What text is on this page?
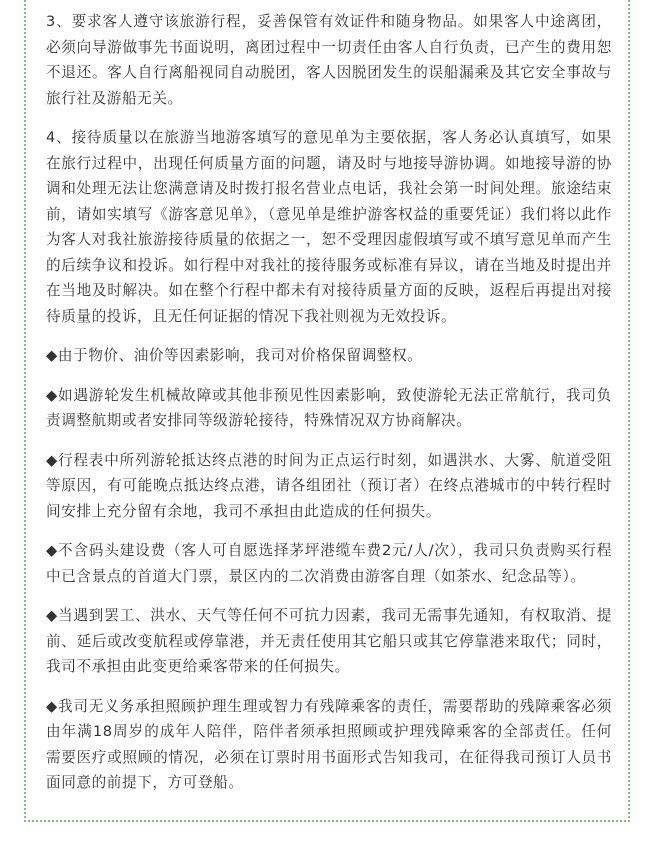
3、要求客人遵守该旅游行程，妥善保管有效证件和随身物品。如果客人中途离团，必须向导游做事先书面说明，离团过程中一切责任由客人自行负责，已产生的费用恕不退还。客人自行离船视同自动脱团，客人因脱团发生的误船漏乘及其它安全事故与旅行社及游船无关。

4、接待质量以在旅游当地游客填写的意见单为主要依据，客人务必认真填写，如果在旅行过程中，出现任何质量方面的问题，请及时与地接导游协调。如地接导游的协调和处理无法让您满意请及时拨打报名营业点电话，我社会第一时间处理。旅途结束前，请如实填写《游客意见单》，（意见单是维护游客权益的重要凭证）我们将以此作为客人对我社旅游接待质量的依据之一，恕不受理因虚假填写或不填写意见单而产生的后续争议和投诉。如行程中对我社的接待服务或标准有异议，请在当地及时提出并在当地及时解决。如在整个行程中都未有对接待质量方面的反映，返程后再提出对接待质量的投诉，且无任何证据的情况下我社则视为无效投诉。

◆由于物价、油价等因素影响，我司对价格保留调整权。

◆如遇游轮发生机械故障或其他非预见性因素影响，致使游轮无法正常航行，我司负责调整航期或者安排同等级游轮接待，特殊情况双方协商解决。

◆行程表中所列游轮抵达终点港的时间为正点运行时刻，如遇洪水、大雾、航道受阻等原因，有可能晚点抵达终点港，请各组团社（预订者）在终点港城市的中转行程时间安排上充分留有余地，我司不承担由此造成的任何损失。

◆不含码头建设费（客人可自愿选择茅坪港缆车费2元/人/次），我司只负责购买行程中已含景点的首道大门票，景区内的二次消费由游客自理（如茶水、纪念品等）。

◆当遇到罢工、洪水、天气等任何不可抗力因素，我司无需事先通知，有权取消、提前、延后或改变航程或停靠港，并无责任使用其它船只或其它停靠港来取代；同时，我司不承担由此变更给乘客带来的任何损失。

◆我司无义务承担照顾护理生理或智力有残障乘客的责任，需要帮助的残障乘客必须由年满18周岁的成年人陪伴，陪伴者须承担照顾或护理残障乘客的全部责任。任何需要医疗或照顾的情况，必须在订票时用书面形式告知我司，在征得我司预订人员书面同意的前提下，方可登船。
